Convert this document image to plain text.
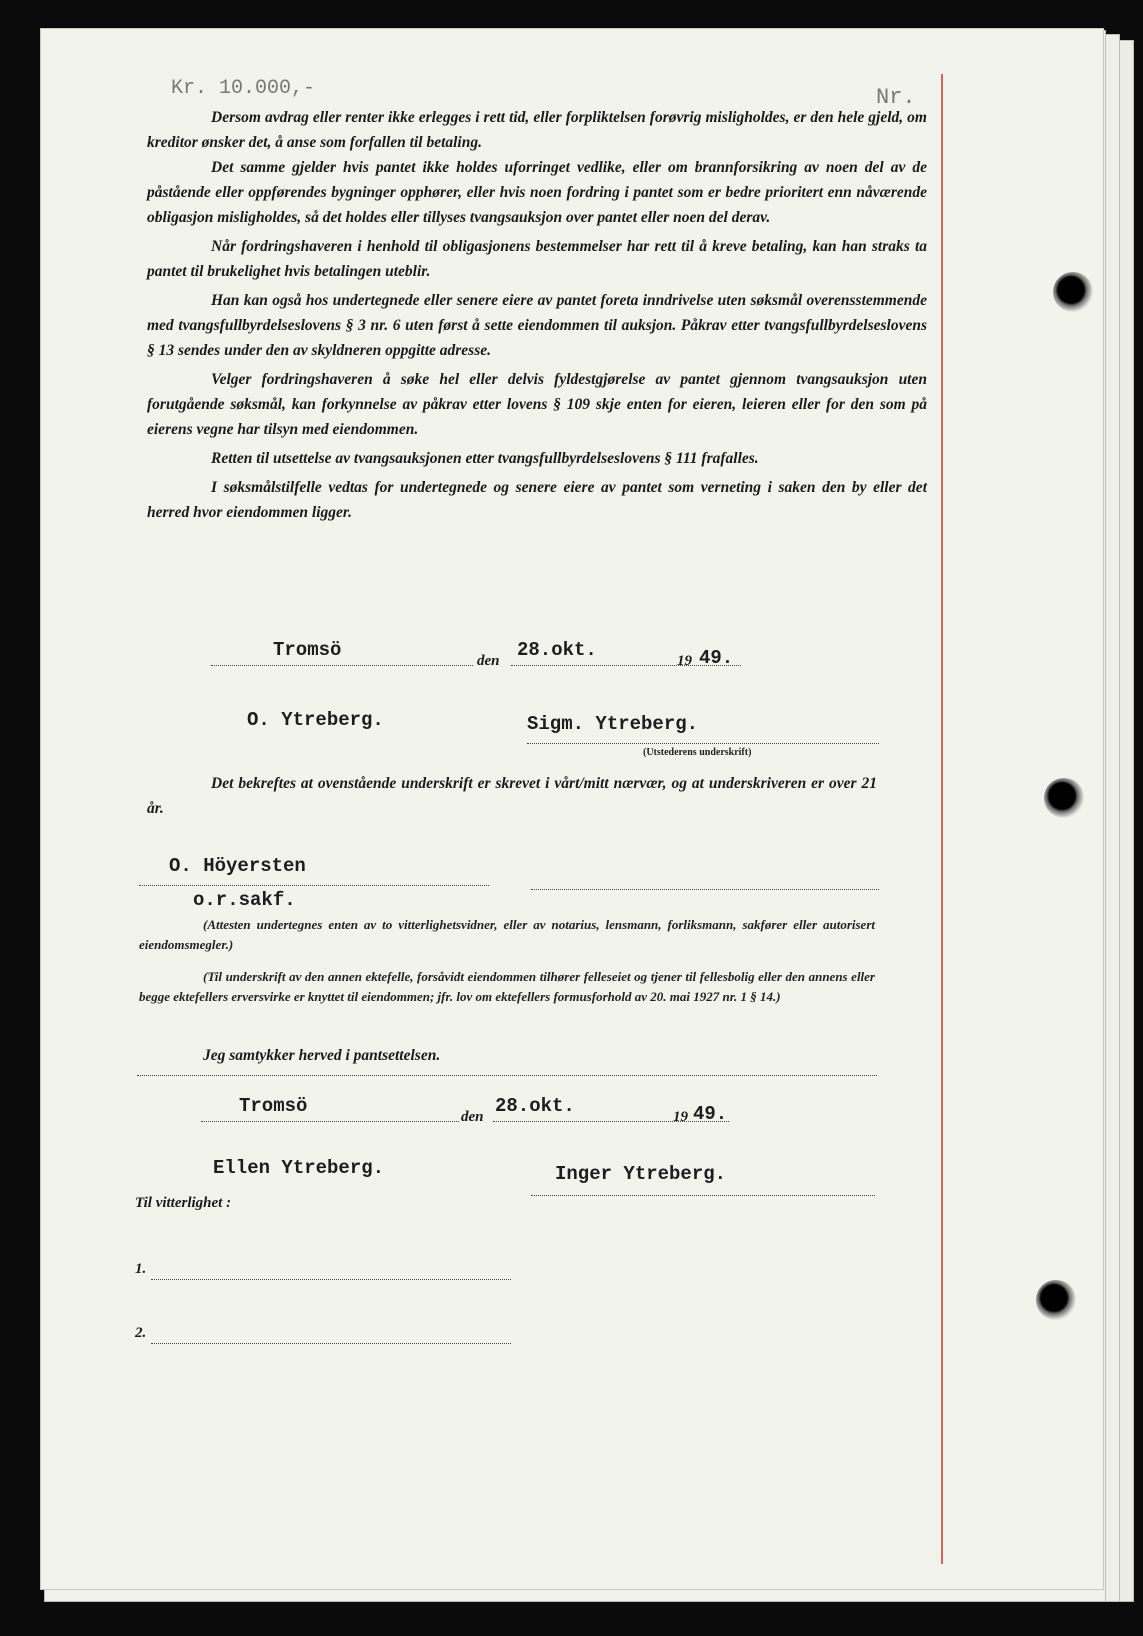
Kr. 10.000,-	Nr.

Dersom avdrag eller renter ikke erlegges i rett tid, eller forpliktelsen forøvrig misligholdes, er den hele gjeld, om kreditor ønsker det, å anse som forfallen til betaling.

Det samme gjelder hvis pantet ikke holdes uforringet vedlike, eller om brannforsikring av noen del av de påstående eller oppførendes bygninger opphører, eller hvis noen fordring i pantet som er bedre prioritert enn nåværende obligasjon misligholdes, så det holdes eller tillyses tvangsauksjon over pantet eller noen del derav.

Når fordringshaveren i henhold til obligasjonens bestemmelser har rett til å kreve betaling, kan han straks ta pantet til brukelighet hvis betalingen uteblir.

Han kan også hos undertegnede eller senere eiere av pantet foreta inndrivelse uten søksmål overensstemmende med tvangsfullbyrdelseslovens § 3 nr. 6 uten først å sette eiendommen til auksjon. Påkrav etter tvangsfullbyrdelseslovens § 13 sendes under den av skyldneren oppgitte adresse.

Velger fordringshaveren å søke hel eller delvis fyldestgjørelse av pantet gjennom tvangsauksjon uten forutgående søksmål, kan forkynnelse av påkrav etter lovens § 109 skje enten for eieren, leieren eller for den som på eierens vegne har tilsyn med eiendommen.

Retten til utsettelse av tvangsauksjonen etter tvangsfullbyrdelseslovens § 111 frafalles.

I søksmålstilfelle vedtas for undertegnede og senere eiere av pantet som verneting i saken den by eller det herred hvor eiendommen ligger.

Tromsö	den 28.okt.	19 49.
O. Ytreberg.	Sigm. Ytreberg.
(Utstederens underskrift)

Det bekreftes at ovenstående underskrift er skrevet i vårt/mitt nærvær, og at underskriveren er over 21 år.

O. Höyersten
o.r.sakf.
(Attesten undertegnes enten av to vitterlighetsvidner, eller av notarius, lensmann, forliksmann, sakfører eller autorisert eiendomsmegler.)
(Til underskrift av den annen ektefelle, forsåvidt eiendommen tilhører felleseiet og tjener til fellesbolig eller den annens eller begge ektefellers erversvirke er knyttet til eiendommen; jfr. lov om ektefellers formusforhold av 20. mai 1927 nr. 1 § 14.)
Jeg samtykker herved i pantsettelsen.
Tromsö	den 28.okt.	19 49.
Ellen Ytreberg.	Inger Ytreberg.
Til vitterlighet :
1.
2.
